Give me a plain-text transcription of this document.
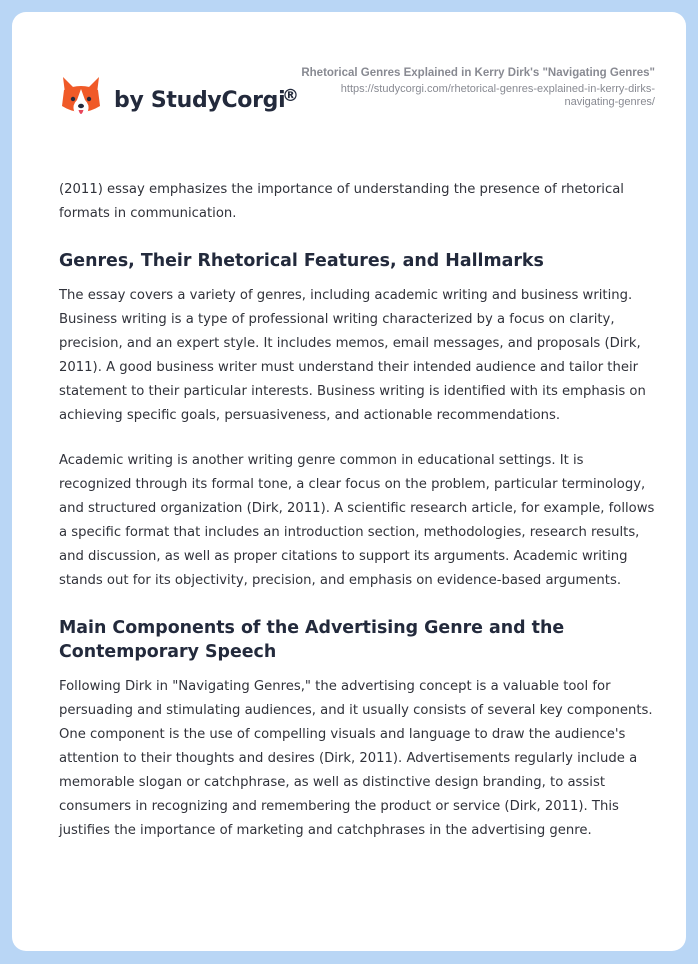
by StudyCorgi
®
Rhetorical Genres Explained in Kerry Dirk's "Navigating Genres"
https://studycorgi.com/rhetorical-genres-explained-in-kerry-dirks-navigating-genres/

(2011) essay emphasizes the importance of understanding the presence of rhetorical formats in communication.

Genres, Their Rhetorical Features, and Hallmarks

The essay covers a variety of genres, including academic writing and business writing. Business writing is a type of professional writing characterized by a focus on clarity, precision, and an expert style. It includes memos, email messages, and proposals (Dirk, 2011). A good business writer must understand their intended audience and tailor their statement to their particular interests. Business writing is identified with its emphasis on achieving specific goals, persuasiveness, and actionable recommendations.

Academic writing is another writing genre common in educational settings. It is recognized through its formal tone, a clear focus on the problem, particular terminology, and structured organization (Dirk, 2011). A scientific research article, for example, follows a specific format that includes an introduction section, methodologies, research results, and discussion, as well as proper citations to support its arguments. Academic writing stands out for its objectivity, precision, and emphasis on evidence-based arguments.

Main Components of the Advertising Genre and the Contemporary Speech

Following Dirk in "Navigating Genres," the advertising concept is a valuable tool for persuading and stimulating audiences, and it usually consists of several key components. One component is the use of compelling visuals and language to draw the audience's attention to their thoughts and desires (Dirk, 2011). Advertisements regularly include a memorable slogan or catchphrase, as well as distinctive design branding, to assist consumers in recognizing and remembering the product or service (Dirk, 2011). This justifies the importance of marketing and catchphrases in the advertising genre.
